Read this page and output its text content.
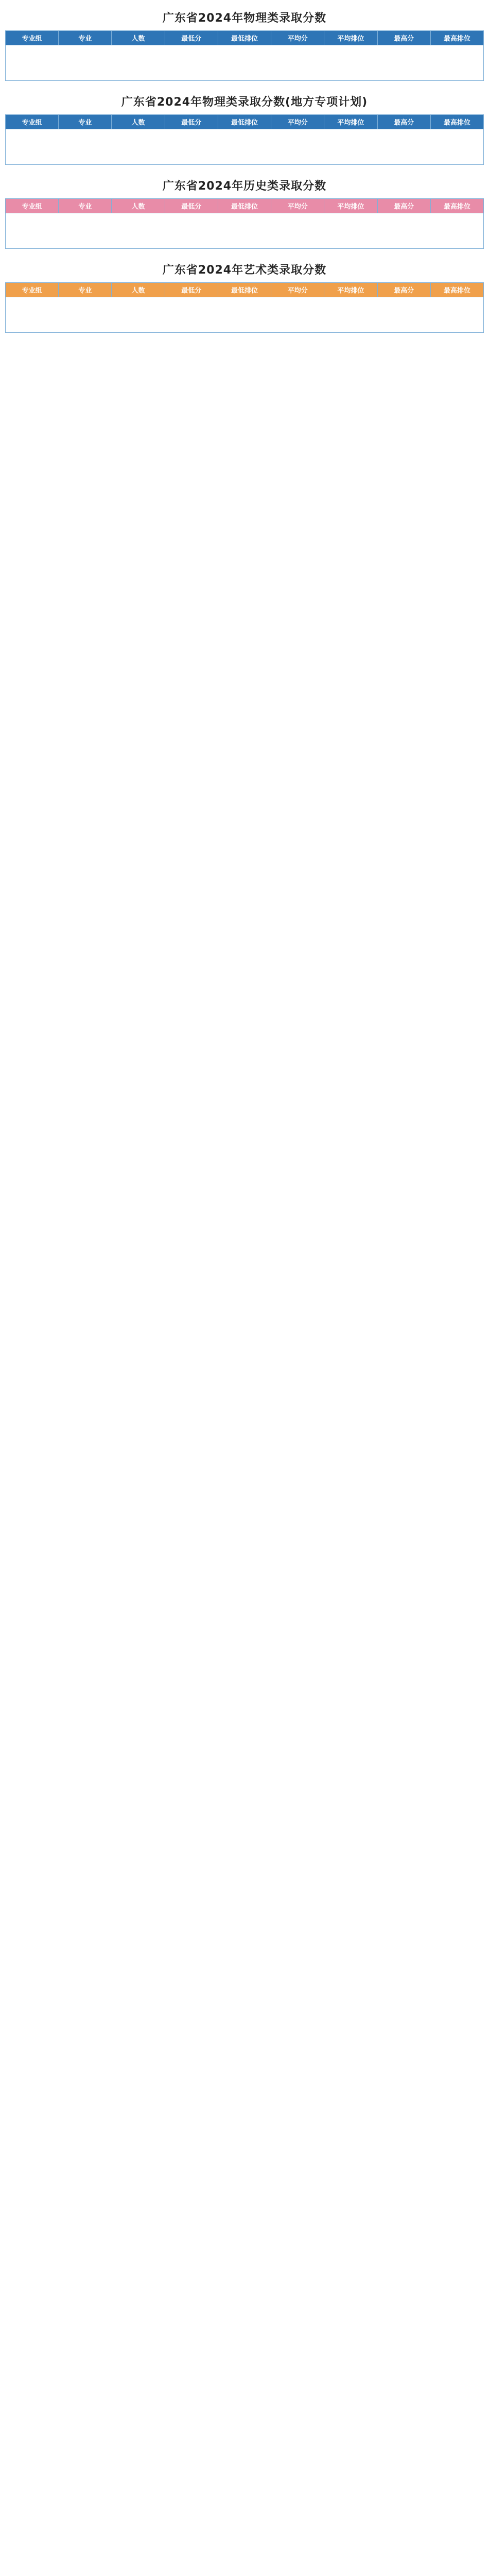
广东省2024年物理类录取分数
专业组	专业	人数	最低分	最低排位	平均分	平均排位	最高分	最高排位

广东省2024年物理类录取分数(地方专项计划)
专业组	专业	人数	最低分	最低排位	平均分	平均排位	最高分	最高排位

广东省2024年历史类录取分数
专业组	专业	人数	最低分	最低排位	平均分	平均排位	最高分	最高排位

广东省2024年艺术类录取分数
专业组	专业	人数	最低分	最低排位	平均分	平均排位	最高分	最高排位
